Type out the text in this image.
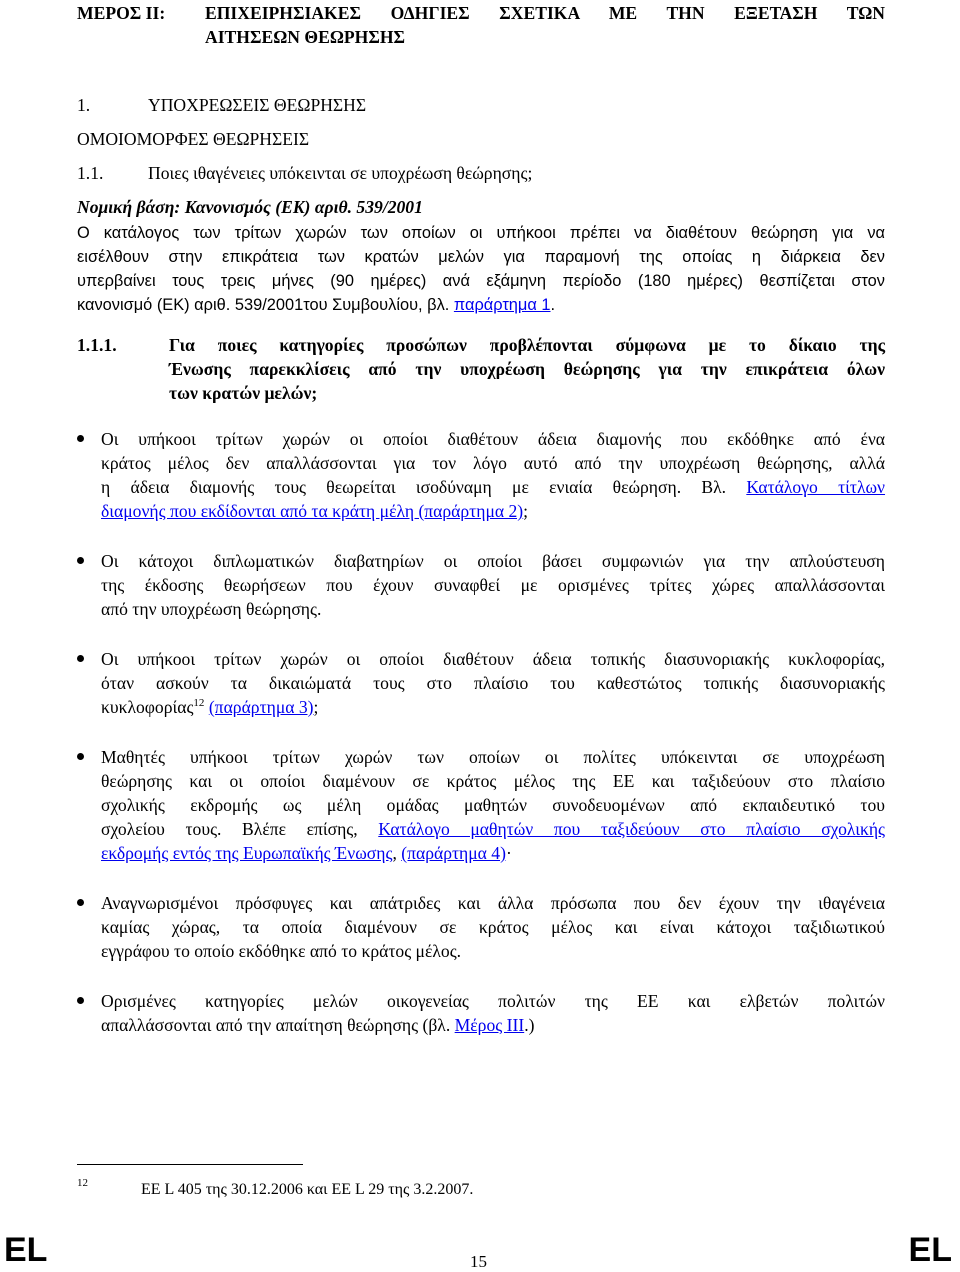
ΜΕΡΟΣ ΙΙ: ΕΠΙΧΕΙΡΗΣΙΑΚΕΣ ΟΔΗΓΙΕΣ ΣΧΕΤΙΚΑ ΜΕ ΤΗΝ ΕΞΕΤΑΣΗ ΤΩΝ
ΑΙΤΗΣΕΩΝ ΘΕΩΡΗΣΗΣ
1.	ΥΠΟΧΡΕΩΣΕΙΣ ΘΕΩΡΗΣΗΣ
ΟΜΟΙΟΜΟΡΦΕΣ ΘΕΩΡΗΣΕΙΣ
1.1.	Ποιες ιθαγένειες υπόκεινται σε υποχρέωση θεώρησης;
Νομική βάση: Κανονισμός (ΕΚ) αριθ. 539/2001
Ο κατάλογος των τρίτων χωρών των οποίων οι υπήκοοι πρέπει να διαθέτουν θεώρηση για να
εισέλθουν στην επικράτεια των κρατών μελών για παραμονή της οποίας η διάρκεια δεν
υπερβαίνει τους τρεις μήνες (90 ημέρες) ανά εξάμηνη περίοδο (180 ημέρες) θεσπίζεται στον
κανονισμό (ΕΚ) αριθ. 539/2001του Συμβουλίου, βλ. παράρτημα 1.
1.1.1.	Για ποιες κατηγορίες προσώπων προβλέπονται σύμφωνα με το δίκαιο της
Ένωσης παρεκκλίσεις από την υποχρέωση θεώρησης για την επικράτεια όλων
των κρατών μελών;
Οι υπήκοοι τρίτων χωρών οι οποίοι διαθέτουν άδεια διαμονής που εκδόθηκε από ένα
κράτος μέλος δεν απαλλάσσονται για τον λόγο αυτό από την υποχρέωση θεώρησης, αλλά
η άδεια διαμονής τους θεωρείται ισοδύναμη με ενιαία θεώρηση. Βλ. Κατάλογο τίτλων
διαμονής που εκδίδονται από τα κράτη μέλη (παράρτημα 2);
Οι κάτοχοι διπλωματικών διαβατηρίων οι οποίοι βάσει συμφωνιών για την απλούστευση
της έκδοσης θεωρήσεων που έχουν συναφθεί με ορισμένες τρίτες χώρες απαλλάσσονται
από την υποχρέωση θεώρησης.
Οι υπήκοοι τρίτων χωρών οι οποίοι διαθέτουν άδεια τοπικής διασυνοριακής κυκλοφορίας,
όταν ασκούν τα δικαιώματά τους στο πλαίσιο του καθεστώτος τοπικής διασυνοριακής
κυκλοφορίας$^{12}$ (παράρτημα 3);
Μαθητές υπήκοοι τρίτων χωρών των οποίων οι πολίτες υπόκεινται σε υποχρέωση
θεώρησης και οι οποίοι διαμένουν σε κράτος μέλος της ΕΕ και ταξιδεύουν στο πλαίσιο
σχολικής εκδρομής ως μέλη ομάδας μαθητών συνοδευομένων από εκπαιδευτικό του
σχολείου τους. Βλέπε επίσης, Κατάλογο μαθητών που ταξιδεύουν στο πλαίσιο σχολικής
εκδρομής εντός της Ευρωπαϊκής Ένωσης, (παράρτημα 4)·
Αναγνωρισμένοι πρόσφυγες και απάτριδες και άλλα πρόσωπα που δεν έχουν την ιθαγένεια
καμίας χώρας, τα οποία διαμένουν σε κράτος μέλος και είναι κάτοχοι ταξιδιωτικού
εγγράφου το οποίο εκδόθηκε από το κράτος μέλος.
Ορισμένες κατηγορίες μελών οικογενείας πολιτών της ΕΕ και ελβετών πολιτών
απαλλάσσονται από την απαίτηση θεώρησης (βλ. Μέρος ΙΙΙ.)
12	EE L 405 της 30.12.2006 και ΕΕ L 29 της 3.2.2007.
EL	15	EL
